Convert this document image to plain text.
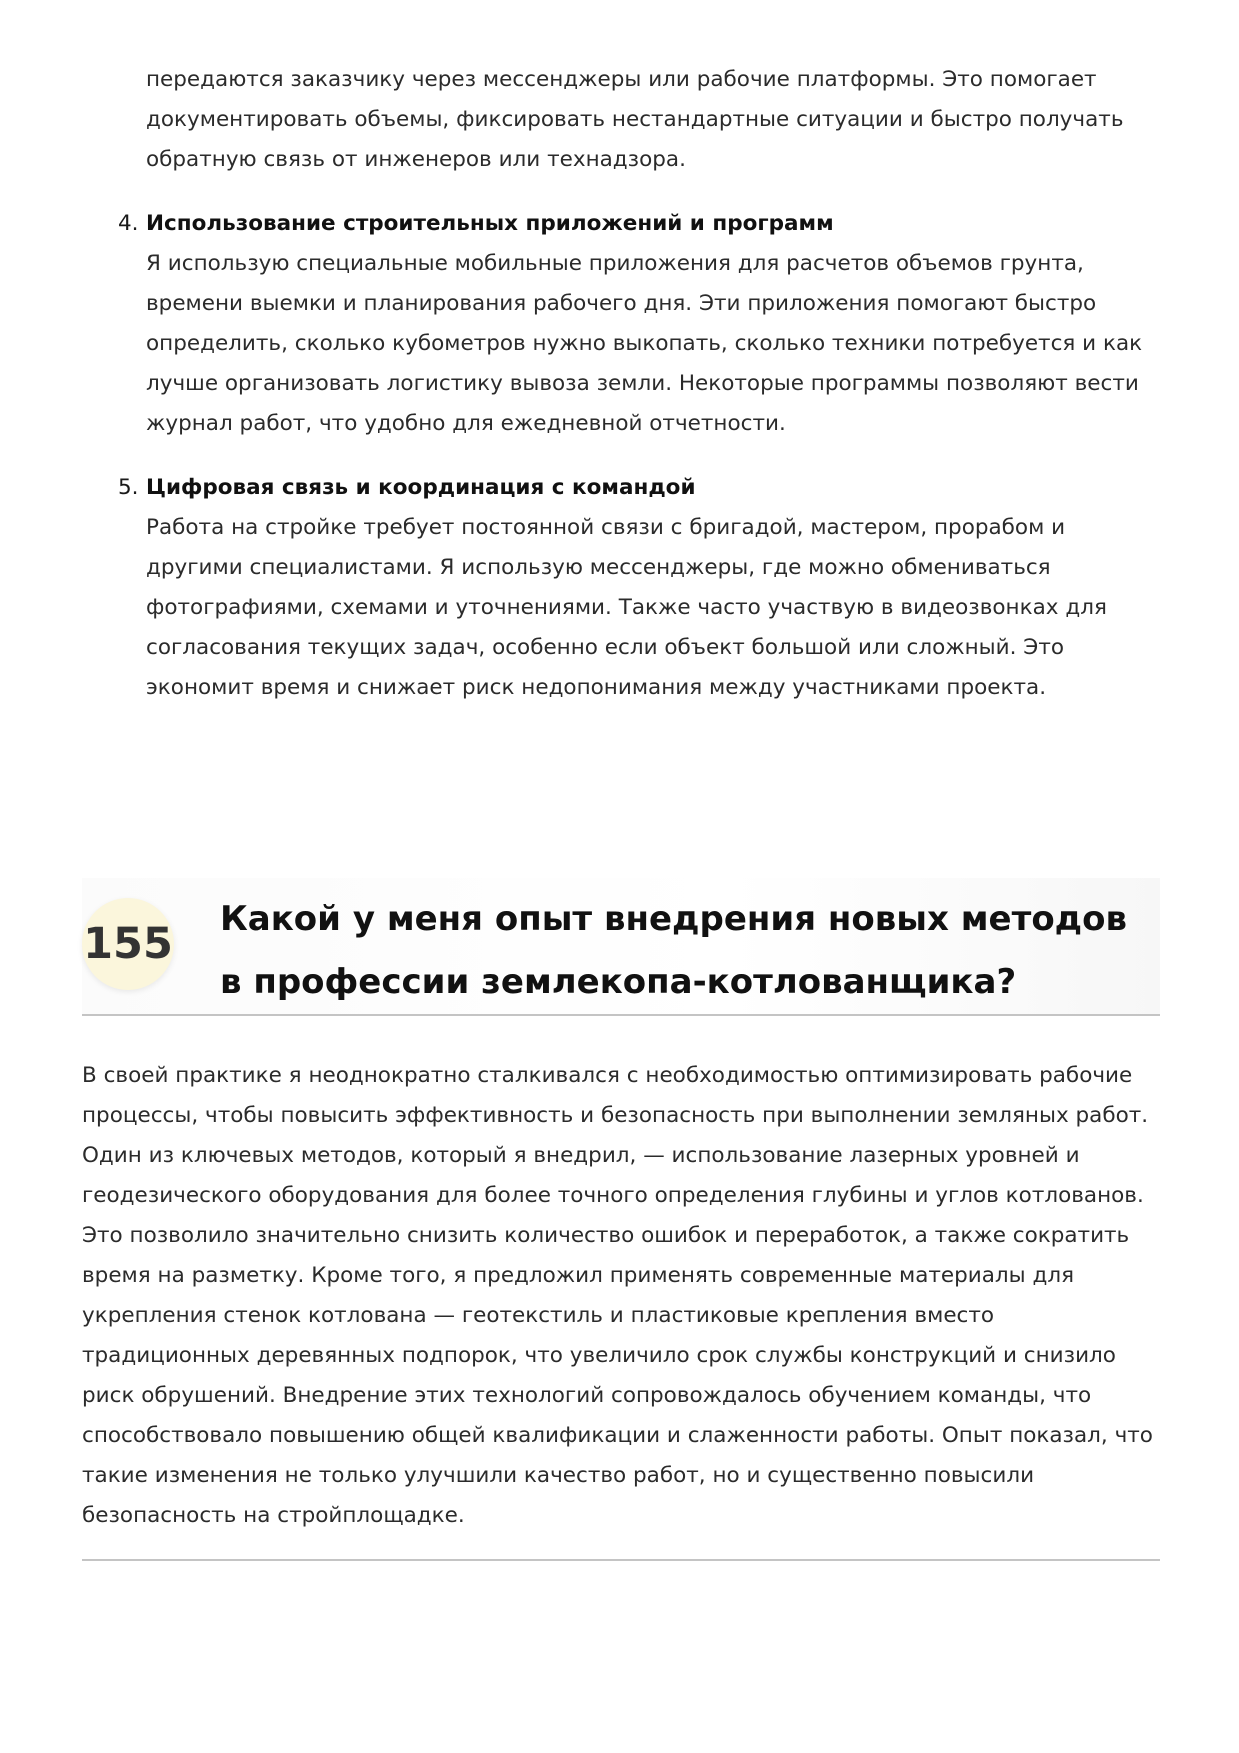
передаются заказчику через мессенджеры или рабочие платформы. Это помогает документировать объемы, фиксировать нестандартные ситуации и быстро получать обратную связь от инженеров или технадзора.

4. Использование строительных приложений и программ
Я использую специальные мобильные приложения для расчетов объемов грунта, времени выемки и планирования рабочего дня. Эти приложения помогают быстро определить, сколько кубометров нужно выкопать, сколько техники потребуется и как лучше организовать логистику вывоза земли. Некоторые программы позволяют вести журнал работ, что удобно для ежедневной отчетности.
5. Цифровая связь и координация с командой
Работа на стройке требует постоянной связи с бригадой, мастером, прорабом и другими специалистами. Я использую мессенджеры, где можно обмениваться фотографиями, схемами и уточнениями. Также часто участвую в видеозвонках для согласования текущих задач, особенно если объект большой или сложный. Это экономит время и снижает риск недопонимания между участниками проекта.
155 Какой у меня опыт внедрения новых методов в профессии землекопа-котлованщика?

В своей практике я неоднократно сталкивался с необходимостью оптимизировать рабочие процессы, чтобы повысить эффективность и безопасность при выполнении земляных работ. Один из ключевых методов, который я внедрил, — использование лазерных уровней и геодезического оборудования для более точного определения глубины и углов котлованов. Это позволило значительно снизить количество ошибок и переработок, а также сократить время на разметку. Кроме того, я предложил применять современные материалы для укрепления стенок котлована — геотекстиль и пластиковые крепления вместо традиционных деревянных подпорок, что увеличило срок службы конструкций и снизило риск обрушений. Внедрение этих технологий сопровождалось обучением команды, что способствовало повышению общей квалификации и слаженности работы. Опыт показал, что такие изменения не только улучшили качество работ, но и существенно повысили безопасность на стройплощадке.
